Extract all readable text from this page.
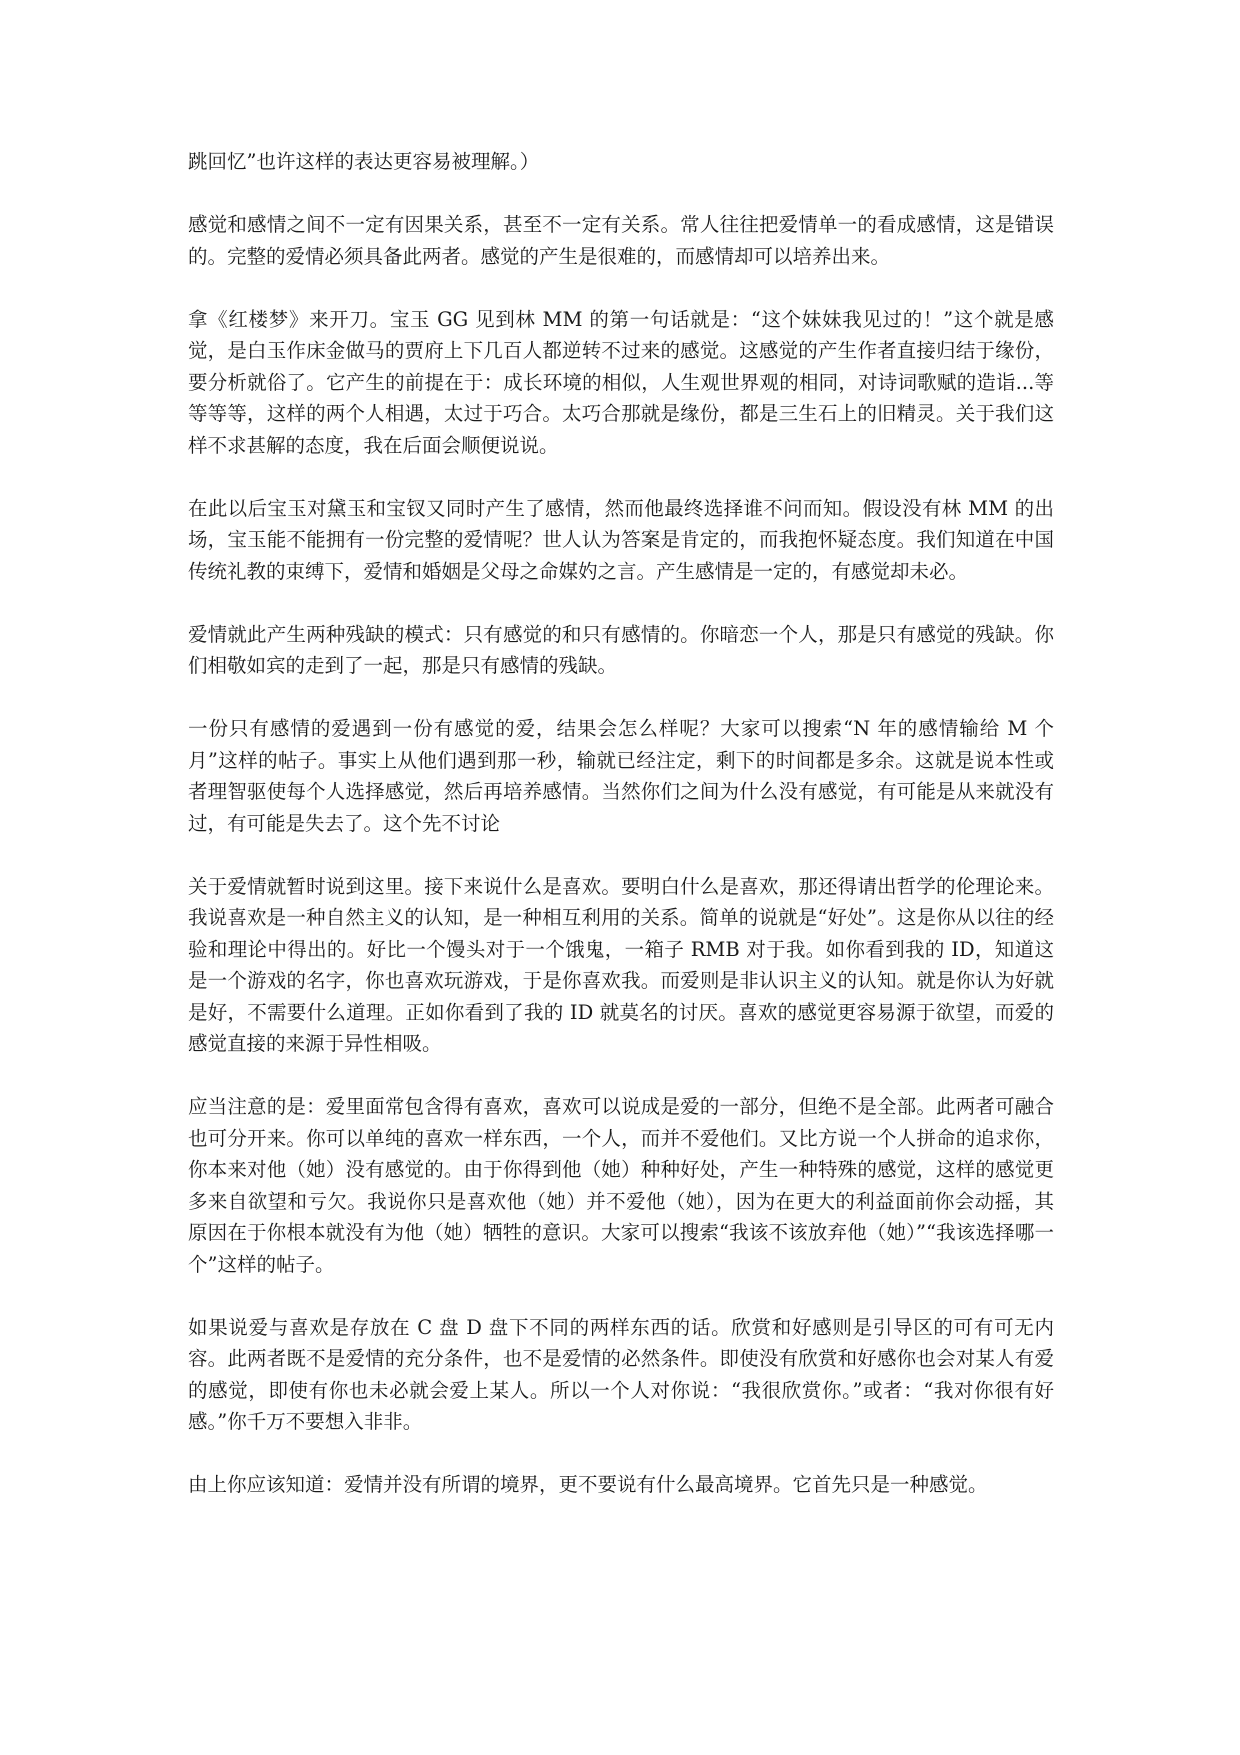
跳回忆”也许这样的表达更容易被理解。）

感觉和感情之间不一定有因果关系，甚至不一定有关系。常人往往把爱情单一的看成感情，这是错误的。完整的爱情必须具备此两者。感觉的产生是很难的，而感情却可以培养出来。

拿《红楼梦》来开刀。宝玉 GG 见到林 MM 的第一句话就是：“这个妹妹我见过的！”这个就是感觉，是白玉作床金做马的贾府上下几百人都逆转不过来的感觉。这感觉的产生作者直接归结于缘份，要分析就俗了。它产生的前提在于：成长环境的相似，人生观世界观的相同，对诗词歌赋的造诣...等等等等，这样的两个人相遇，太过于巧合。太巧合那就是缘份，都是三生石上的旧精灵。关于我们这样不求甚解的态度，我在后面会顺便说说。

在此以后宝玉对黛玉和宝钗又同时产生了感情，然而他最终选择谁不问而知。假设没有林 MM 的出场，宝玉能不能拥有一份完整的爱情呢？世人认为答案是肯定的，而我抱怀疑态度。我们知道在中国传统礼教的束缚下，爱情和婚姻是父母之命媒妁之言。产生感情是一定的，有感觉却未必。

爱情就此产生两种残缺的模式：只有感觉的和只有感情的。你暗恋一个人，那是只有感觉的残缺。你们相敬如宾的走到了一起，那是只有感情的残缺。

一份只有感情的爱遇到一份有感觉的爱，结果会怎么样呢？大家可以搜索“N 年的感情输给 M 个月”这样的帖子。事实上从他们遇到那一秒，输就已经注定，剩下的时间都是多余。这就是说本性或者理智驱使每个人选择感觉，然后再培养感情。当然你们之间为什么没有感觉，有可能是从来就没有过，有可能是失去了。这个先不讨论

关于爱情就暂时说到这里。接下来说什么是喜欢。要明白什么是喜欢，那还得请出哲学的伦理论来。我说喜欢是一种自然主义的认知，是一种相互利用的关系。简单的说就是“好处”。这是你从以往的经验和理论中得出的。好比一个馒头对于一个饿鬼，一箱子 RMB 对于我。如你看到我的 ID，知道这是一个游戏的名字，你也喜欢玩游戏，于是你喜欢我。而爱则是非认识主义的认知。就是你认为好就是好，不需要什么道理。正如你看到了我的 ID 就莫名的讨厌。喜欢的感觉更容易源于欲望，而爱的感觉直接的来源于异性相吸。

应当注意的是：爱里面常包含得有喜欢，喜欢可以说成是爱的一部分，但绝不是全部。此两者可融合也可分开来。你可以单纯的喜欢一样东西，一个人，而并不爱他们。又比方说一个人拼命的追求你，你本来对他（她）没有感觉的。由于你得到他（她）种种好处，产生一种特殊的感觉，这样的感觉更多来自欲望和亏欠。我说你只是喜欢他（她）并不爱他（她），因为在更大的利益面前你会动摇，其原因在于你根本就没有为他（她）牺牲的意识。大家可以搜索“我该不该放弃他（她）”“我该选择哪一个”这样的帖子。

如果说爱与喜欢是存放在 C 盘 D 盘下不同的两样东西的话。欣赏和好感则是引导区的可有可无内容。此两者既不是爱情的充分条件，也不是爱情的必然条件。即使没有欣赏和好感你也会对某人有爱的感觉，即使有你也未必就会爱上某人。所以一个人对你说：“我很欣赏你。”或者：“我对你很有好感。”你千万不要想入非非。

由上你应该知道：爱情并没有所谓的境界，更不要说有什么最高境界。它首先只是一种感觉。
